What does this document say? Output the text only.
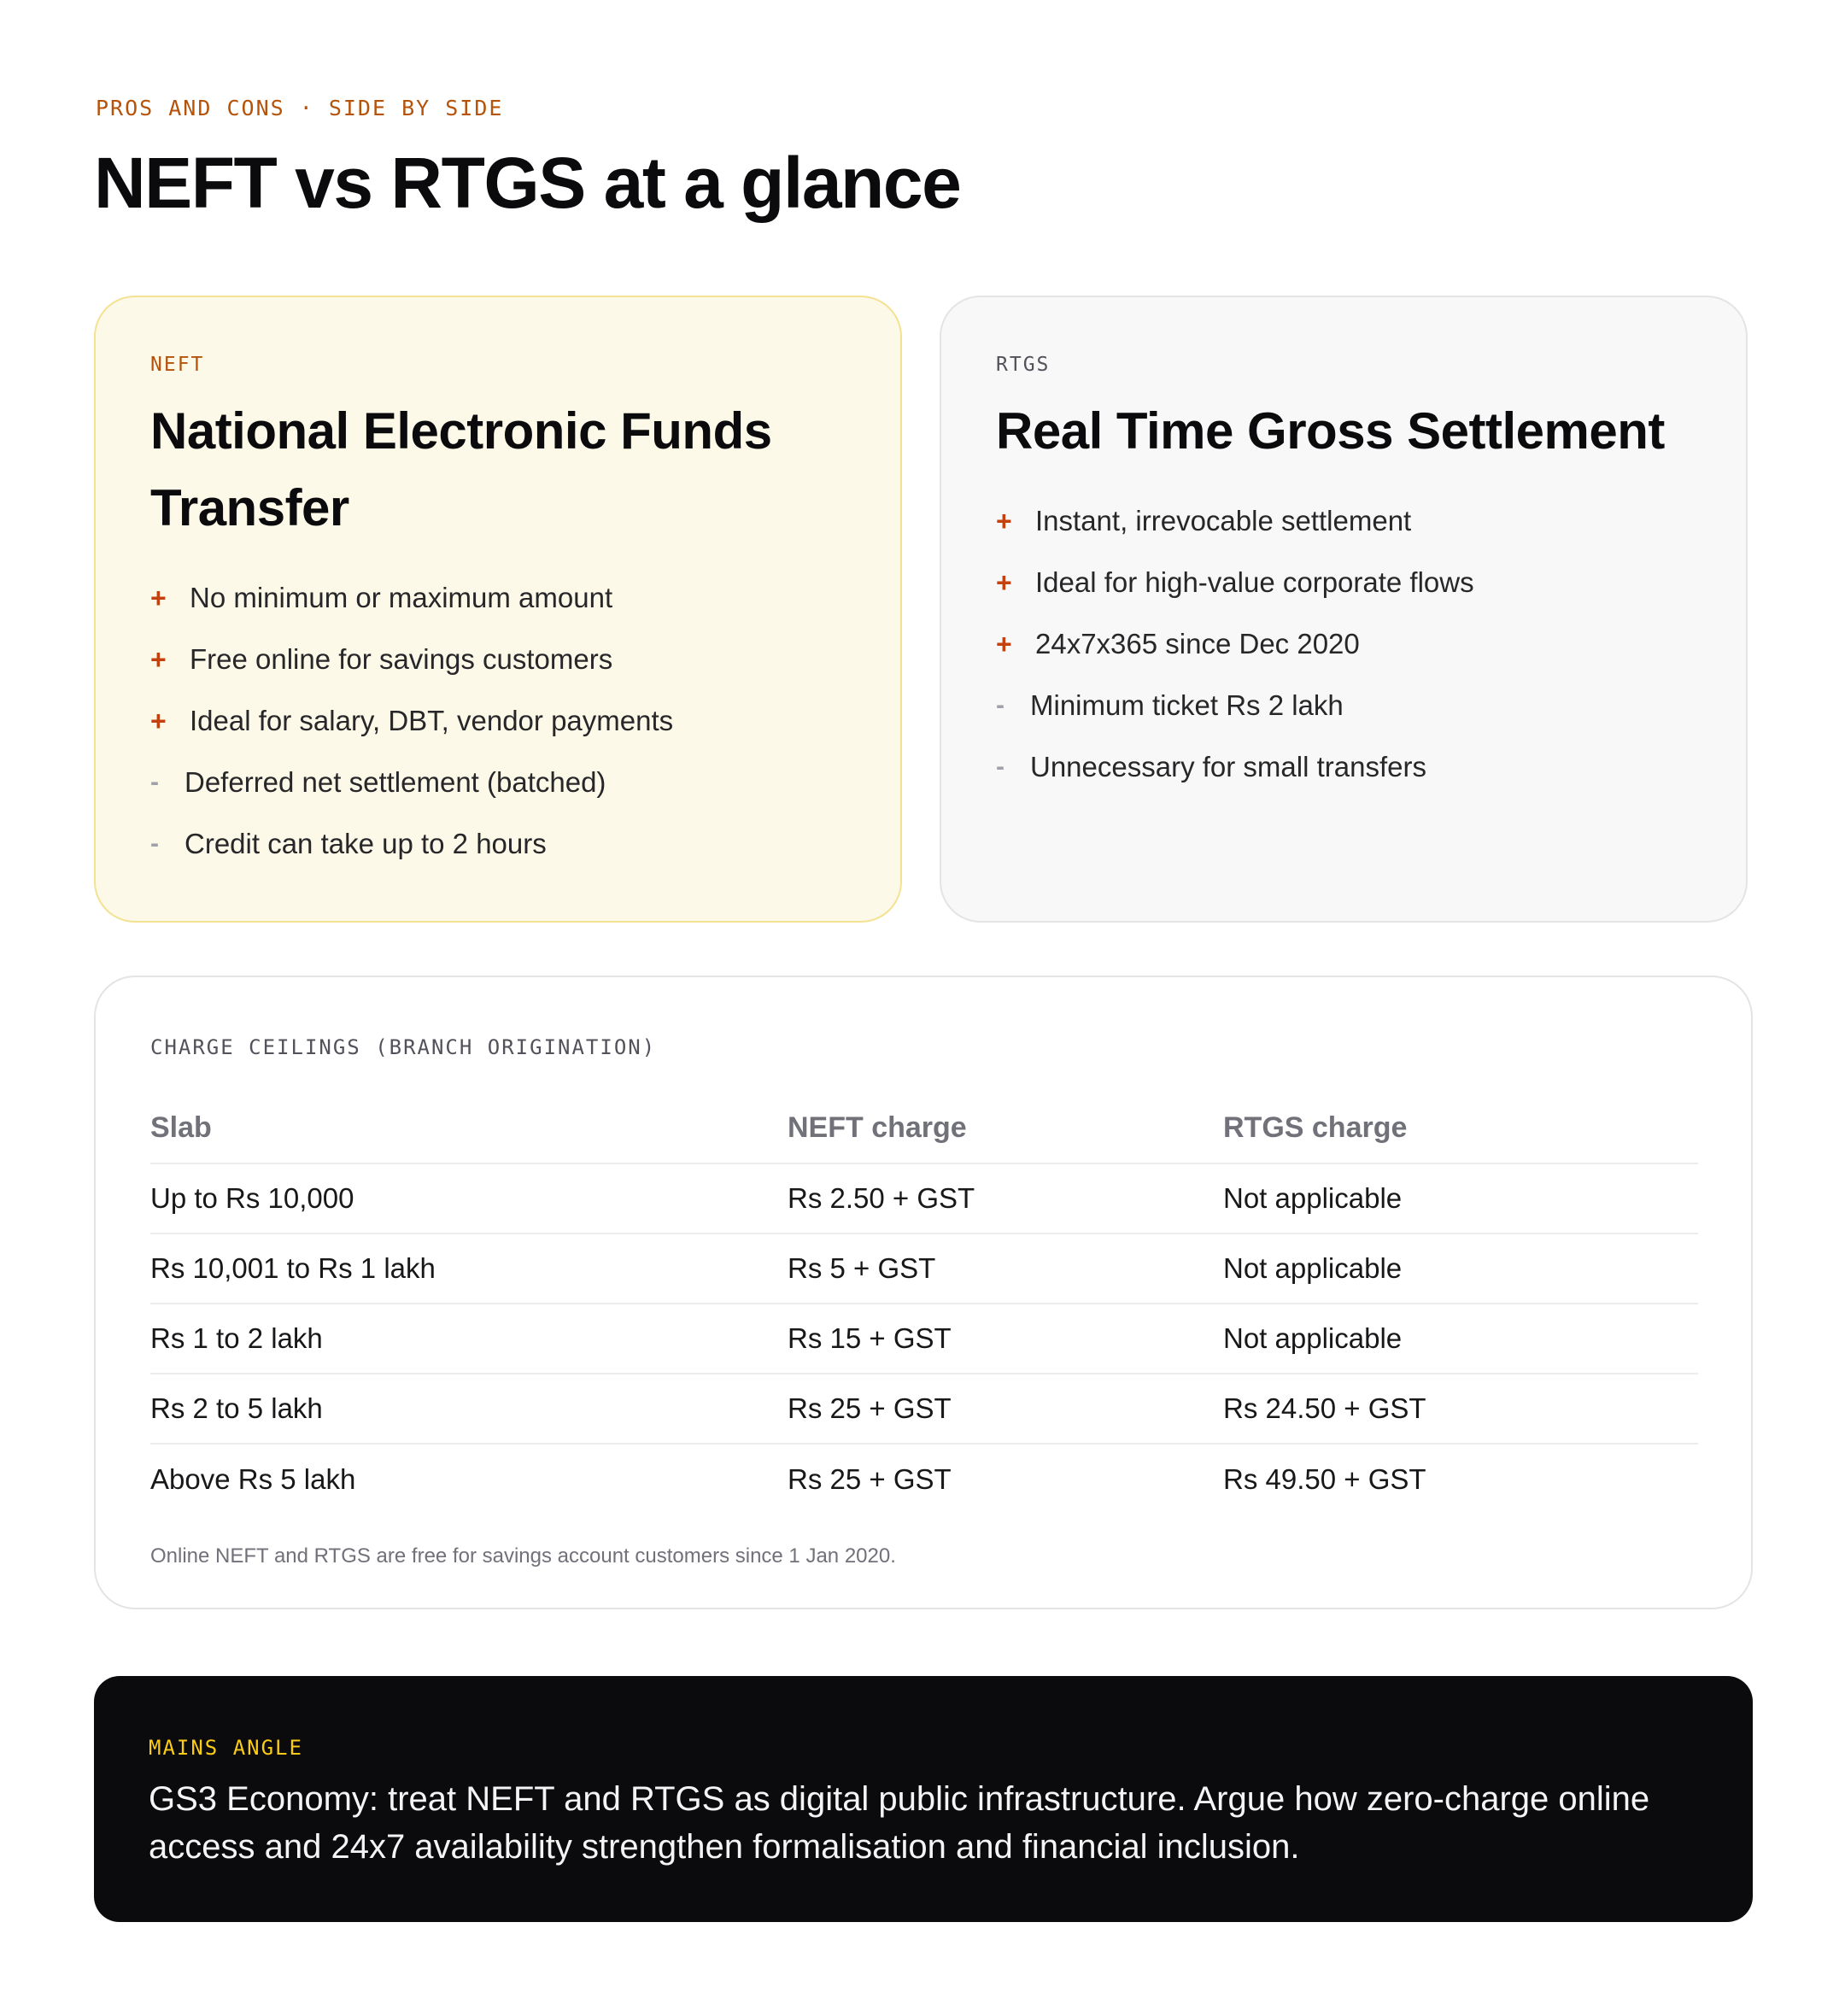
PROS AND CONS · SIDE BY SIDE
NEFT vs RTGS at a glance
NEFT
National Electronic Funds
Transfer
+ No minimum or maximum amount
+ Free online for savings customers
+ Ideal for salary, DBT, vendor payments
- Deferred net settlement (batched)
- Credit can take up to 2 hours
RTGS
Real Time Gross Settlement
+ Instant, irrevocable settlement
+ Ideal for high-value corporate flows
+ 24x7x365 since Dec 2020
- Minimum ticket Rs 2 lakh
- Unnecessary for small transfers
CHARGE CEILINGS (BRANCH ORIGINATION)
Slab	NEFT charge	RTGS charge
Up to Rs 10,000	Rs 2.50 + GST	Not applicable
Rs 10,001 to Rs 1 lakh	Rs 5 + GST	Not applicable
Rs 1 to 2 lakh	Rs 15 + GST	Not applicable
Rs 2 to 5 lakh	Rs 25 + GST	Rs 24.50 + GST
Above Rs 5 lakh	Rs 25 + GST	Rs 49.50 + GST

Online NEFT and RTGS are free for savings account customers since 1 Jan 2020.

MAINS ANGLE

GS3 Economy: treat NEFT and RTGS as digital public infrastructure. Argue how zero-charge online access and 24x7 availability strengthen formalisation and financial inclusion.
